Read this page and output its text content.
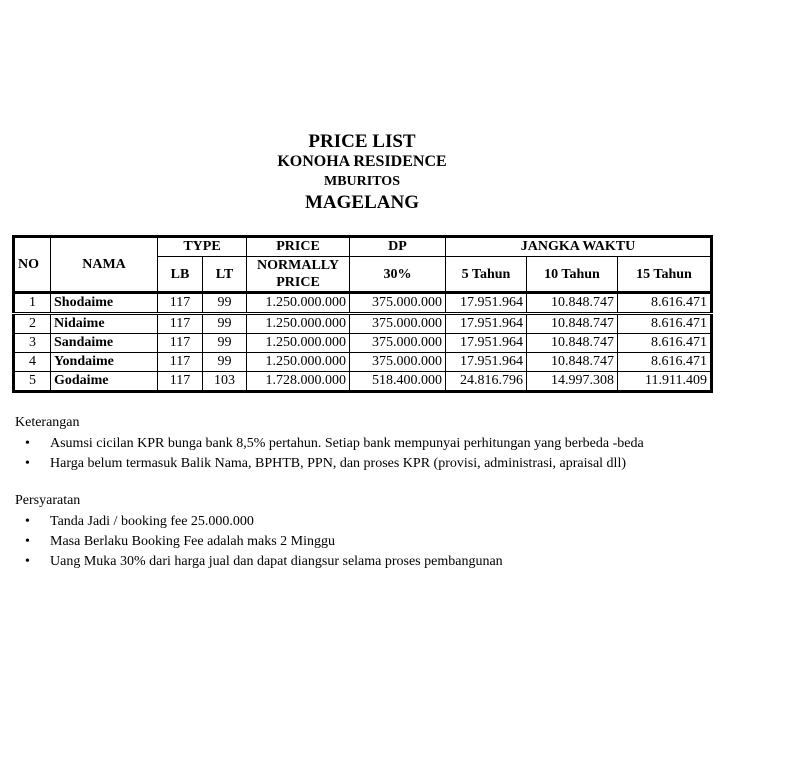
PRICE LIST
KONOHA RESIDENCE
MBURITOS
MAGELANG
NO	NAMA	TYPE		PRICE	DP	JANGKA WAKTU		
		LB	LT	NORMALLY PRICE	30%	5 Tahun	10 Tahun	15 Tahun
1	Shodaime	117	99	1.250.000.000	375.000.000	17.951.964	10.848.747	8.616.471
2	Nidaime	117	99	1.250.000.000	375.000.000	17.951.964	10.848.747	8.616.471
3	Sandaime	117	99	1.250.000.000	375.000.000	17.951.964	10.848.747	8.616.471
4	Yondaime	117	99	1.250.000.000	375.000.000	17.951.964	10.848.747	8.616.471
5	Godaime	117	103	1.728.000.000	518.400.000	24.816.796	14.997.308	11.911.409
Keterangan
• Asumsi cicilan KPR bunga bank 8,5% pertahun. Setiap bank mempunyai perhitungan yang berbeda -beda
• Harga belum termasuk Balik Nama, BPHTB, PPN, dan proses KPR (provisi, administrasi, apraisal dll)
Persyaratan
• Tanda Jadi / booking fee 25.000.000
• Masa Berlaku Booking Fee adalah maks 2 Minggu
• Uang Muka 30% dari harga jual dan dapat diangsur selama proses pembangunan
